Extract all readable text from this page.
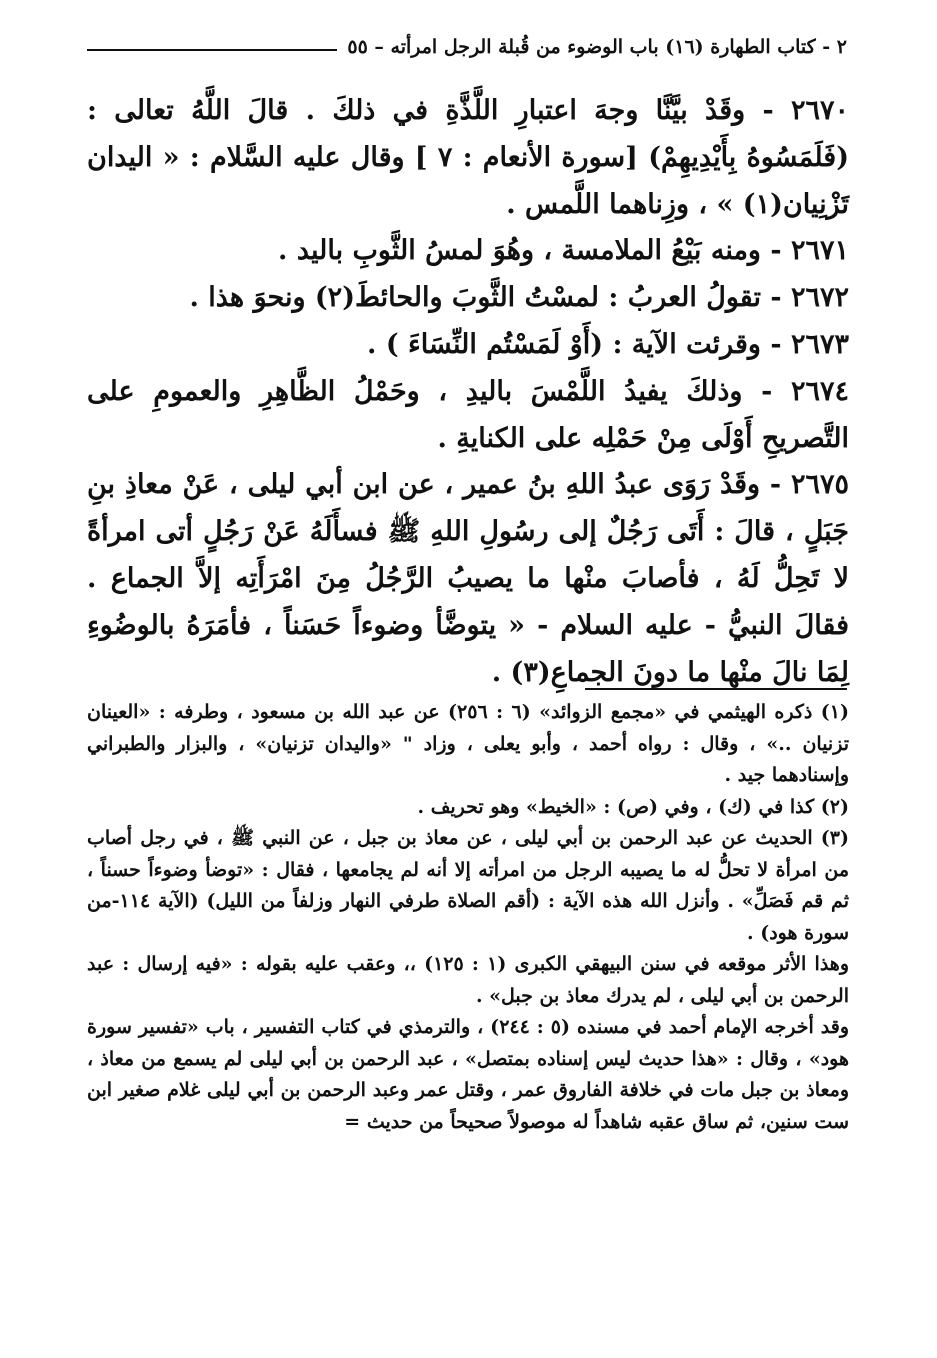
٢ - كتاب الطهارة (١٦) باب الوضوء من قُبلة الرجل امرأته – ٥٥

٢٦٧٠ - وقَدْ بيَّنَّا وجهَ اعتبارِ اللَّذَّةِ في ذلكَ . قالَ اللَّهُ تعالى : (فَلَمَسُوهُ بِأَيْدِيهِمْ) [سورة الأنعام : ٧ ] وقال عليه السَّلام : « اليدان تَزْنِيان(١) » ، وزِناهما اللَّمس .

٢٦٧١ - ومنه بَيْعُ الملامسة ، وهُوَ لمسُ الثَّوبِ باليد .

٢٦٧٢ - تقولُ العربُ : لمسْتُ الثَّوبَ والحائطَ(٢) ونحوَ هذا .

٢٦٧٣ - وقرئت الآية : (أَوْ لَمَسْتُم النِّسَاءَ ) .

٢٦٧٤ - وذلكَ يفيدُ اللَّمْسَ باليدِ ، وحَمْلُ الظَّاهِرِ والعمومِ على التَّصريحِ أَوْلَى مِنْ حَمْلِه على الكنايةِ .

٢٦٧٥ - وقَدْ رَوَى عبدُ اللهِ بنُ عمير ، عن ابن أبي ليلى ، عَنْ معاذِ بنِ جَبَلٍ ، قالَ : أَتَى رَجُلٌ إلى رسُولِ اللهِ ﷺ فسأَلَهُ عَنْ رَجُلٍ أتى امرأةً لا تَحِلُّ لَهُ ، فأصابَ منْها ما يصيبُ الرَّجُلُ مِنَ امْرَأَتِه إلاَّ الجماع . فقالَ النبيُّ - عليه السلام - « يتوضَّأ وضوءاً حَسَناً ، فأمَرَهُ بالوضُوءِ لِمَا نالَ منْها ما دونَ الجماعِ(٣) .

(١) ذكره الهيثمي في «مجمع الزوائد» (٦ : ٢٥٦) عن عبد الله بن مسعود ، وطرفه : «العينان تزنيان ..» ، وقال : رواه أحمد ، وأبو يعلى ، وزاد " «واليدان تزنيان» ، والبزار والطبراني وإسنادهما جيد .

(٢) كذا في (ك) ، وفي (ص) : «الخيط» وهو تحريف .

(٣) الحديث عن عبد الرحمن بن أبي ليلى ، عن معاذ بن جبل ، عن النبي ﷺ ، في رجل أصاب من امرأة لا تحلُّ له ما يصيبه الرجل من امرأته إلا أنه لم يجامعها ، فقال : «توضأ وضوءاً حسناً ، ثم قم فَصَلِّ» . وأنزل الله هذه الآية : (أقم الصلاة طرفي النهار وزلفاً من الليل) (الآية ١١٤-من سورة هود) .

وهذا الأثر موقعه في سنن البيهقي الكبرى (١ : ١٢٥) ،، وعقب عليه بقوله : «فيه إرسال : عبد الرحمن بن أبي ليلى ، لم يدرك معاذ بن جبل» .

وقد أخرجه الإمام أحمد في مسنده (٥ : ٢٤٤) ، والترمذي في كتاب التفسير ، باب «تفسير سورة هود» ، وقال : «هذا حديث ليس إسناده بمتصل» ، عبد الرحمن بن أبي ليلى لم يسمع من معاذ ، ومعاذ بن جبل مات في خلافة الفاروق عمر ، وقتل عمر وعبد الرحمن بن أبي ليلى غلام صغير ابن ست سنين، ثم ساق عقبه شاهداً له موصولاً صحيحاً من حديث =
